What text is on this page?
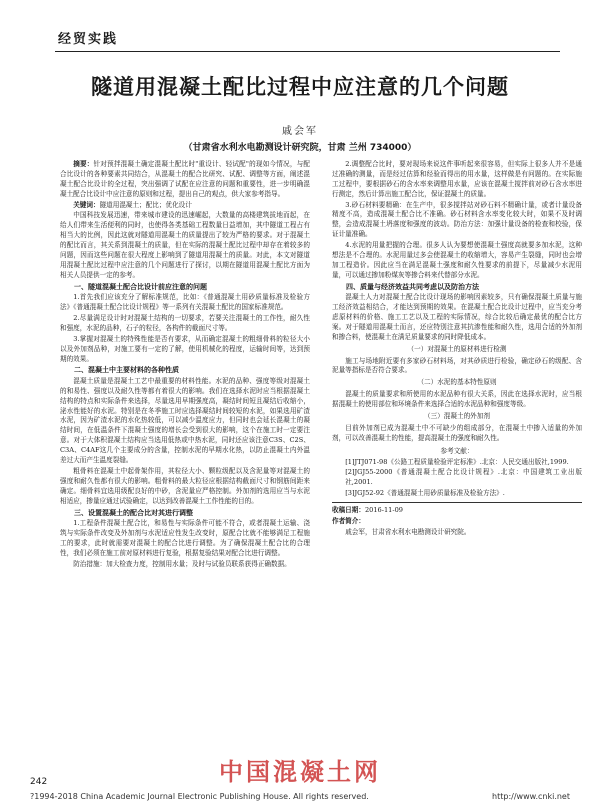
经贸实践
隧道用混凝土配比过程中应注意的几个问题
戚会军
（甘肃省水利水电勘测设计研究院，甘肃 兰州 734000）

摘要：针对预拌混凝土确定混凝土配比时"重设计、轻试配"的现如今情况，与配合比设计的各种要素共同结合，从混凝土的配合比研究、试配、调整等方面，阐述混凝土配合比设计的全过程，突出强调了试配在应注意的问题和重要性，进一步明确混凝土配合比设计中应注意的原则和过程，提出自己的观点，供大家参考指导。

关键词：隧道用混凝土；配比；优化设计

中国科技发展迅速，带来城市建设的迅速崛起，大数量的高楼建筑拔地而起，在给人们带来生活便利的同时，也使得各类基础工程数量日益增加，其中隧道工程占有相当大的比例，因此这就对隧道用混凝土的质量提出了较为严格的要求。对于混凝土的配比而言，其关系到混凝土的质量，但在实际的混凝土配比过程中却存在着较多的问题，因而这些问题在很大程度上影响到了隧道用混凝土的质量。对此，本文对隧道用混凝土配比过程中应注意的几个问题进行了探讨，以期在隧道用混凝土配比方面为相关人员提供一定的参考。

一、隧道混凝土配合比设计前应注意的问题

1.首先我们应该充分了解标准规范，比如：《普通混凝土用砂质量标准及检验方法》《普通混凝土配合比设计规程》等一系列有关混凝土配比的国家标准规范。

2.尽量满足设计时对混凝土结构的一切要求，若要关注混凝土的工作性，耐久性和强度，水泥的品种，石子的粒径，各构件的截面尺寸等。

3.掌握对混凝土的特殊性能是否有要求，从而确定混凝土的粗细骨料的粒径大小以及外加剂品种，对施工要有一定的了解，使用机械化的程度，运输时间等，达到预期的效果。

二、混凝土中主要材料的各种性质

混凝土质量是混凝土工艺中最重要的材料性能。水泥的品种、强度等级对混凝土的和易性、强度以及耐久性等都有着很大的影响。我们在选择水泥时应当根据混凝土结构的特点和实际条件来选择，尽量选用早期强度高，凝结时间短且凝结后收缩小，泌水性能好的水泥。特别是在冬季施工时应选择凝结时间较短的水泥，如果选用矿渣水泥，因为矿渣水泥的水化热较低，可以减少温度应力，但同时也会延长混凝土的凝结时间，在低温条件下混凝土强度的增长会受到很大的影响，这个在施工时一定要注意。对于大体积混凝土结构应当选用低热或中热水泥，同时还应该注意C3S、C2S、C3A、C4AF这几个主要成分的含量，控制水泥的早期水化热，以防止混凝土内外温差过大而产生温度裂缝。

粗骨料在混凝土中起骨架作用，其粒径大小、颗粒级配以及含泥量等对混凝土的强度和耐久性都有很大的影响。粗骨料的最大粒径应根据结构截面尺寸和钢筋间距来确定。细骨料宜选用级配良好的中砂，含泥量应严格控制。外加剂的选用应当与水泥相适应，掺量应通过试验确定，以达到改善混凝土工作性能的目的。

三、设置混凝土的配合比对其进行调整

1.工程条件混凝土配合比，和易性与实际条件可能不符合，或者混凝土运输、浇筑与实际条件改变及外加剂与水泥适应性发生改变时，原配合比就不能够满足工程施工的要求，此时就需要对混凝土的配合比进行调整。为了确保混凝土配合比的合理性，我们必须在施工前对原材料进行复验，根据复验结果对配合比进行调整。

防治措施：加大检查力度，控制用水量；及时与试验员联系获得正确数据。

2.调整配合比时，要对现场来说这件事听起来很容易，但实际上很多人并不是通过准确的测量，而是经过估算和经验而得出的用水量，这样做是有问题的。在实际施工过程中，要根据砂石的含水率来调整用水量，应该在混凝土搅拌前对砂石含水率进行测定，然后计算出施工配合比，保证混凝土的质量。

3.砂石材料要精确：在生产中，很多搅拌站对砂石料不精确计量，或者计量设备精度不高，造成混凝土配合比不准确。砂石材料含水率变化较大时，如果不及时调整，会造成混凝土坍落度和强度的波动。防治方法：加强计量设备的检查和校验，保证计量准确。

4.水泥的用量把握的合理。很多人认为要想使混凝土强度高就要多加水泥，这种想法是不合理的。水泥用量过多会使混凝土的收缩增大，容易产生裂缝，同时也会增加工程造价。因此应当在满足混凝土强度和耐久性要求的前提下，尽量减少水泥用量，可以通过掺加粉煤灰等掺合料来代替部分水泥。

四、质量与经济效益共同考虑以及防治方法

混凝土人力对混凝土配合比设计现场的影响因素较多，只有确保混凝土质量与施工经济效益相结合，才能达到预期的效果。在混凝土配合比设计过程中，应当充分考虑原材料的价格、施工工艺以及工程的实际情况，综合比较后确定最优的配合比方案。对于隧道用混凝土而言，还应特别注意其抗渗性能和耐久性，选用合适的外加剂和掺合料，使混凝土在满足质量要求的同时降低成本。

（一）对混凝土的原材料进行检测

施工与场地附近要有多家砂石材料场，对其砂质进行检验，确定砂石的级配、含泥量等指标是否符合要求。

（二）水泥的基本特性原则

混凝土的质量要求和所使用的水泥品种有很大关系，因此在选择水泥时，应当根据混凝土的使用部位和环境条件来选择合适的水泥品种和强度等级。

（三）混凝土的外加剂

目前外加剂已成为混凝土中不可缺少的组成部分，在混凝土中掺入适量的外加剂，可以改善混凝土的性能，提高混凝土的强度和耐久性。

参考文献：

[1]JTJ071-98《公路工程质量检验评定标准》.北京：人民交通出版社,1999.

[2]JGJ55-2000《普通混凝土配合比设计规程》.北京：中国建筑工业出版社,2001.

[3]JGJ52-92《普通混凝土用砂质量标准及检验方法》.

收稿日期：2016-11-09

作者简介：

戚会军，甘肃省水利水电勘测设计研究院。

中国混凝土网
242
?1994-2018 China Academic Journal Electronic Publishing House. All rights reserved.	http://www.cnki.net
